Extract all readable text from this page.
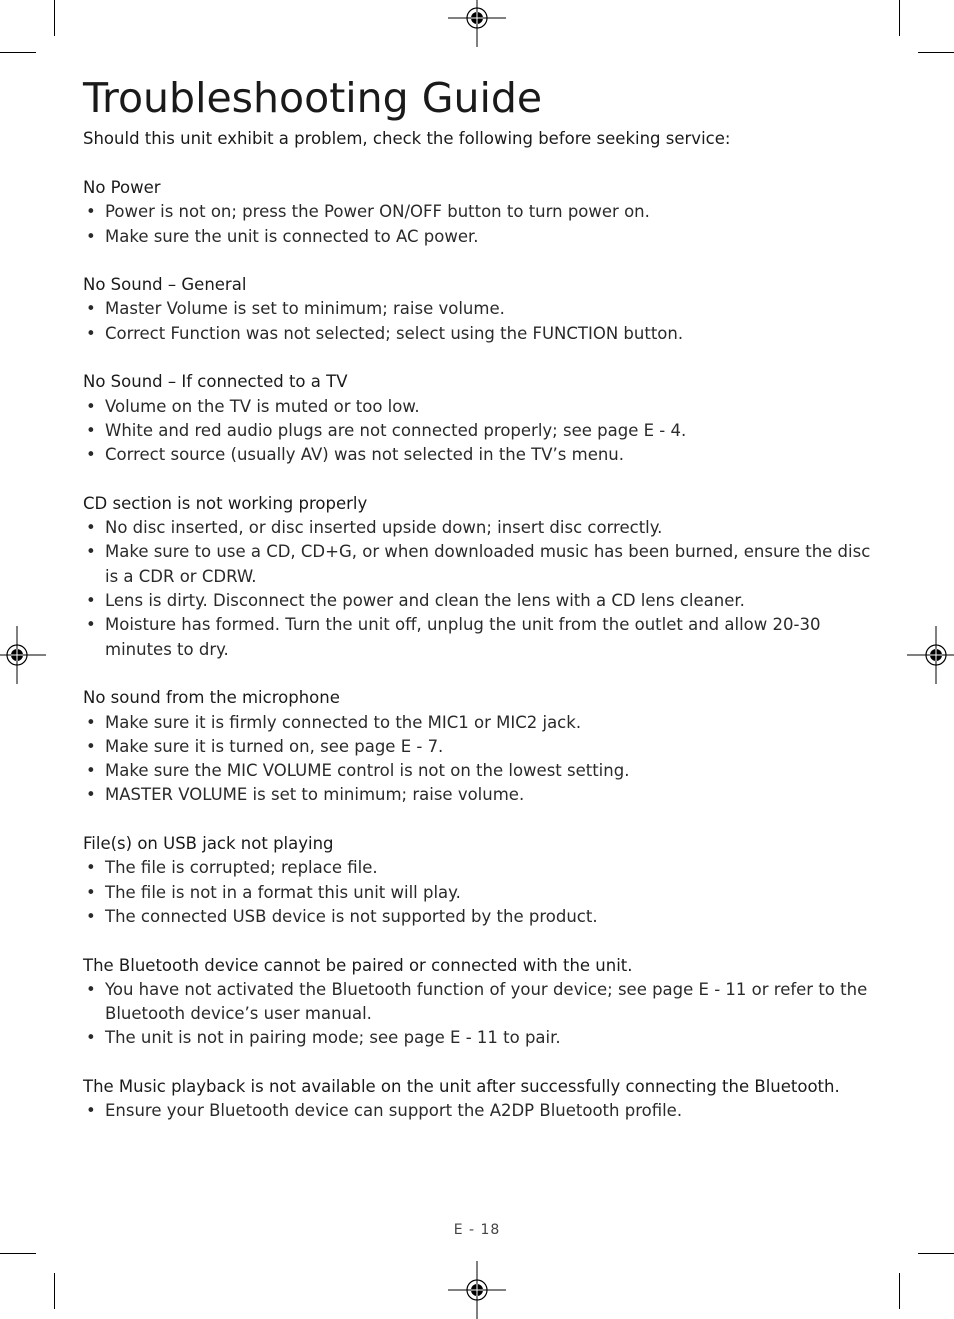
Troubleshooting Guide
Should this unit exhibit a problem, check the following before seeking service:
No Power
• Power is not on; press the Power ON/OFF button to turn power on.
• Make sure the unit is connected to AC power.
No Sound – General
• Master Volume is set to minimum; raise volume.
• Correct Function was not selected; select using the FUNCTION button.
No Sound – If connected to a TV
• Volume on the TV is muted or too low.
• White and red audio plugs are not connected properly; see page E - 4.
• Correct source (usually AV) was not selected in the TV’s menu.
CD section is not working properly
• No disc inserted, or disc inserted upside down; insert disc correctly.
• Make sure to use a CD, CD+G, or when downloaded music has been burned, ensure the disc is a CDR or CDRW.
• Lens is dirty. Disconnect the power and clean the lens with a CD lens cleaner.
• Moisture has formed. Turn the unit off, unplug the unit from the outlet and allow 20-30 minutes to dry.
No sound from the microphone
• Make sure it is firmly connected to the MIC1 or MIC2 jack.
• Make sure it is turned on, see page E - 7.
• Make sure the MIC VOLUME control is not on the lowest setting.
• MASTER VOLUME is set to minimum; raise volume.
File(s) on USB jack not playing
• The file is corrupted; replace file.
• The file is not in a format this unit will play.
• The connected USB device is not supported by the product.
The Bluetooth device cannot be paired or connected with the unit.
• You have not activated the Bluetooth function of your device; see page E - 11 or refer to the Bluetooth device’s user manual.
• The unit is not in pairing mode; see page E - 11 to pair.
The Music playback is not available on the unit after successfully connecting the Bluetooth.
• Ensure your Bluetooth device can support the A2DP Bluetooth profile.
E - 18
